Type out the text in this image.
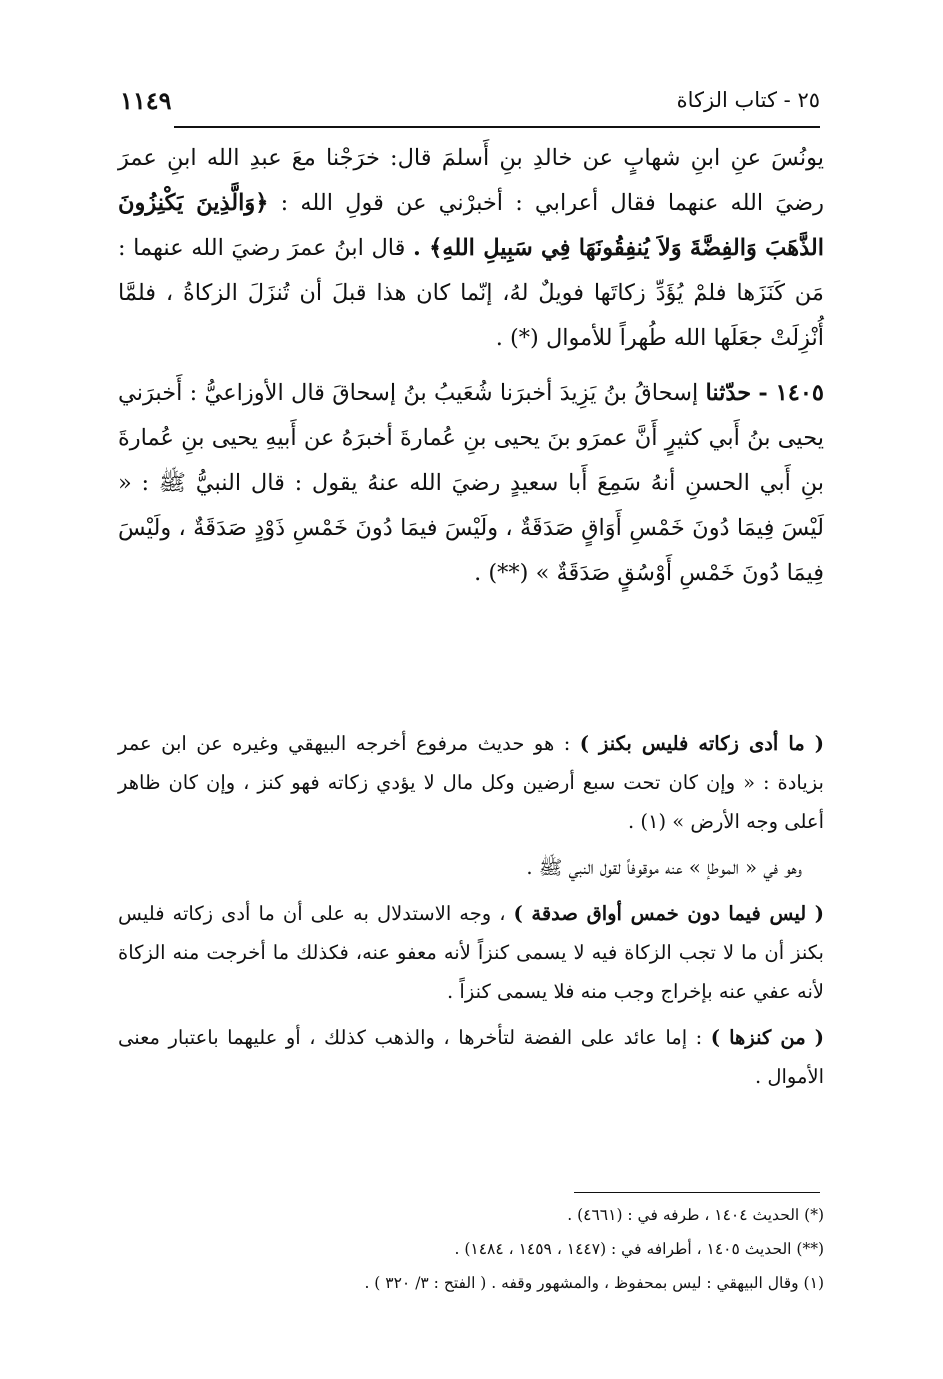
٢٥ - كتاب الزكاة
١١٤٩

يونُسَ عنِ ابنِ شهابٍ عن خالدِ بنِ أَسلمَ قال: خرَجْنا معَ عبدِ الله ابنِ عمرَ رضيَ الله عنهما فقال أعرابي : أخبرْني عن قولِ الله : ﴿وَالَّذِينَ يَكْنِزُونَ الذَّهَبَ وَالفِضَّةَ وَلاَ يُنفِقُونَهَا فِي سَبِيلِ اللهِ﴾ . قال ابنُ عمرَ رضيَ الله عنهما : مَن كَنَزَها فلمْ يُؤَدِّ زكاتَها فويلٌ لهُ، إنّما كان هذا قبلَ أن تُنزَلَ الزكاةُ ، فلمَّا أُنْزِلَتْ جعَلَها الله طُهراً للأموال (*) .

١٤٠٥ - حدّثنا إسحاقُ بنُ يَزِيدَ أخبرَنا شُعَيبُ بنُ إسحاقَ قال الأوزاعيُّ : أَخبرَني يحيى بنُ أَبي كثيرٍ أَنَّ عمرَو بنَ يحيى بنِ عُمارةَ أخبرَهُ عن أَبيهِ يحيى بنِ عُمارةَ بنِ أَبي الحسنِ أنهُ سَمِعَ أَبا سعيدٍ رضيَ الله عنهُ يقول : قال النبيُّ ﷺ : « لَيْسَ فِيمَا دُونَ خَمْسِ أَوَاقٍ صَدَقَةٌ ، ولَيْسَ فيمَا دُونَ خَمْسِ ذَوْدٍ صَدَقَةٌ ، ولَيْسَ فِيمَا دُونَ خَمْسِ أَوْسُقٍ صَدَقَةٌ » (**) .

( ما أدى زكاته فليس بكنز ) : هو حديث مرفوع أخرجه البيهقي وغيره عن ابن عمر بزيادة : « وإن كان تحت سبع أرضين وكل مال لا يؤدي زكاته فهو كنز ، وإن كان ظاهر أعلى وجه الأرض » (١) .

وهو في « الموطإ » عنه موقوفاً لقول النبي ﷺ .

( ليس فيما دون خمس أواق صدقة ) ، وجه الاستدلال به على أن ما أدى زكاته فليس بكنز أن ما لا تجب الزكاة فيه لا يسمى كنزاً لأنه معفو عنه، فكذلك ما أخرجت منه الزكاة لأنه عفي عنه بإخراج وجب منه فلا يسمى كنزاً .

( من كنزها ) : إما عائد على الفضة لتأخرها ، والذهب كذلك ، أو عليهما باعتبار معنى الأموال .

(*) الحديث ١٤٠٤ ، طرفه في : (٤٦٦١) .
(**) الحديث ١٤٠٥ ، أطرافه في : (١٤٤٧ ، ١٤٥٩ ، ١٤٨٤) .
(١) وقال البيهقي : ليس بمحفوظ ، والمشهور وقفه . ( الفتح : ٣/ ٣٢٠ ) .
